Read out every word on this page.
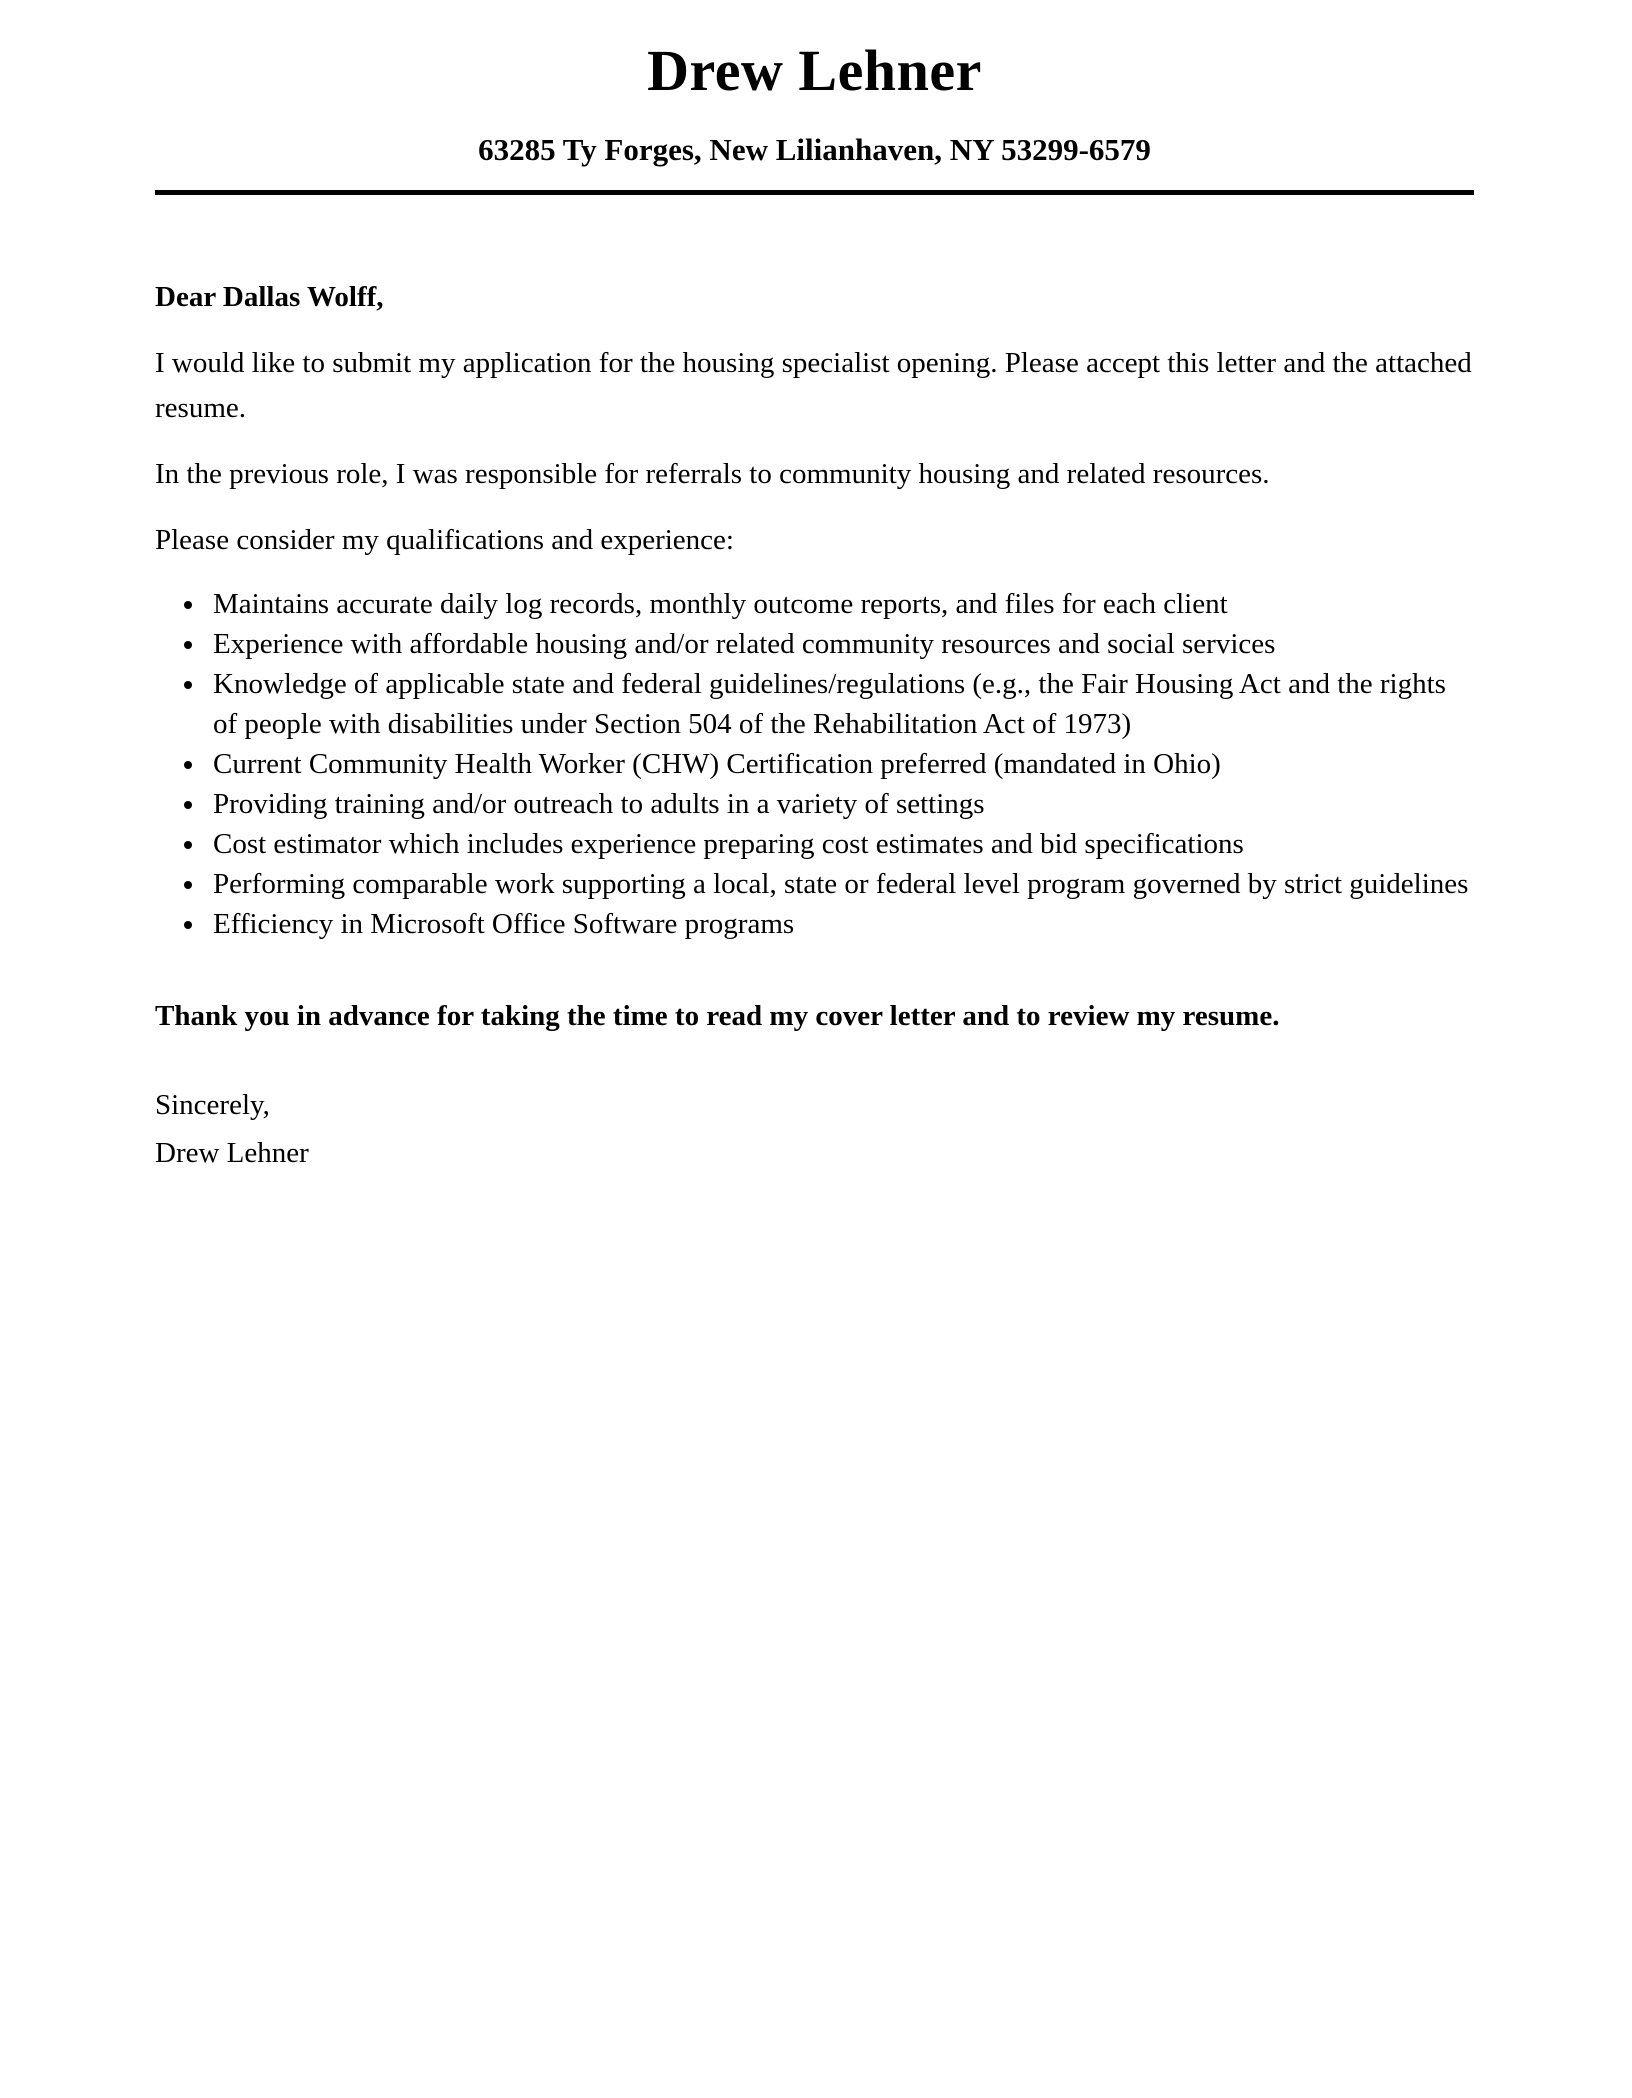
Drew Lehner
63285 Ty Forges, New Lilianhaven, NY 53299-6579

Dear Dallas Wolff,

I would like to submit my application for the housing specialist opening. Please accept this letter and the attached resume.

In the previous role, I was responsible for referrals to community housing and related resources.

Please consider my qualifications and experience:

• Maintains accurate daily log records, monthly outcome reports, and files for each client
• Experience with affordable housing and/or related community resources and social services
• Knowledge of applicable state and federal guidelines/regulations (e.g., the Fair Housing Act and the rights of people with disabilities under Section 504 of the Rehabilitation Act of 1973)
• Current Community Health Worker (CHW) Certification preferred (mandated in Ohio)
• Providing training and/or outreach to adults in a variety of settings
• Cost estimator which includes experience preparing cost estimates and bid specifications
• Performing comparable work supporting a local, state or federal level program governed by strict guidelines
• Efficiency in Microsoft Office Software programs

Thank you in advance for taking the time to read my cover letter and to review my resume.

Sincerely,

Drew Lehner
